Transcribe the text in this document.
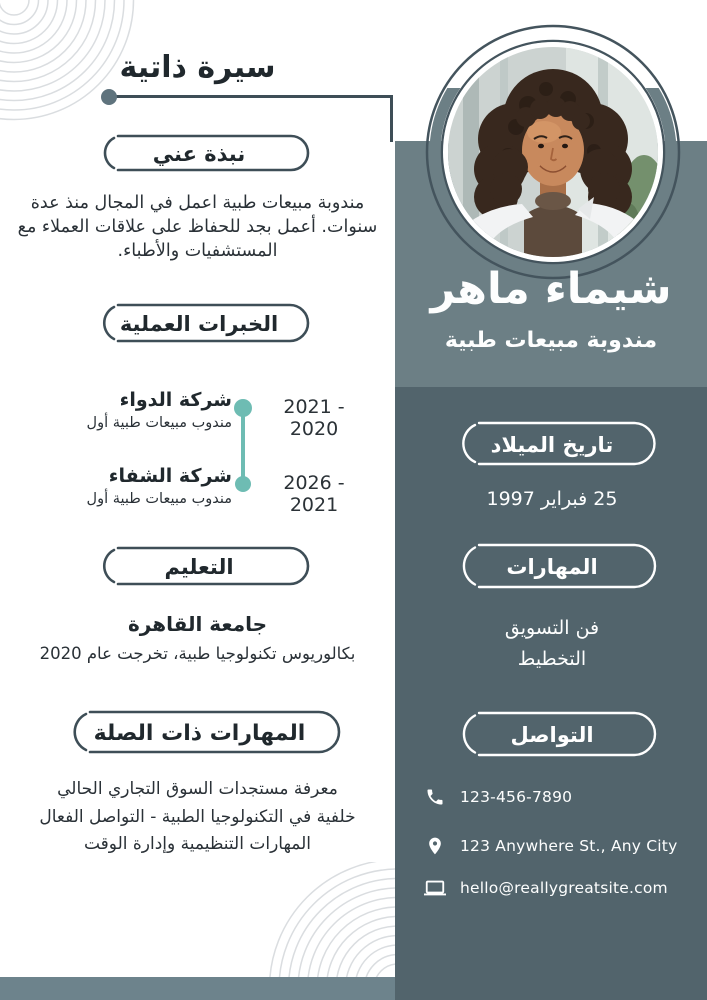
سيرة ذاتية
نبذة عني

مندوبة مبيعات طبية اعمل في المجال منذ عدة سنوات. أعمل بجد للحفاظ على علاقات العملاء مع المستشفيات والأطباء.

الخبرات العملية
شركة الدواء
مندوب مبيعات طبية أول
2021 - 2020
شركة الشفاء
مندوب مبيعات طبية أول
2026 - 2021
التعليم
جامعة القاهرة
بكالوريوس تكنولوجيا طبية، تخرجت عام 2020
المهارات ذات الصلة
معرفة مستجدات السوق التجاري الحالي
خلفية في التكنولوجيا الطبية - التواصل الفعال
المهارات التنظيمية وإدارة الوقت
شيماء ماهر
مندوبة مبيعات طبية
تاريخ الميلاد
25 فبراير 1997
المهارات
فن التسويق
التخطيط
التواصل
123-456-7890
123 Anywhere St., Any City
hello@reallygreatsite.com
